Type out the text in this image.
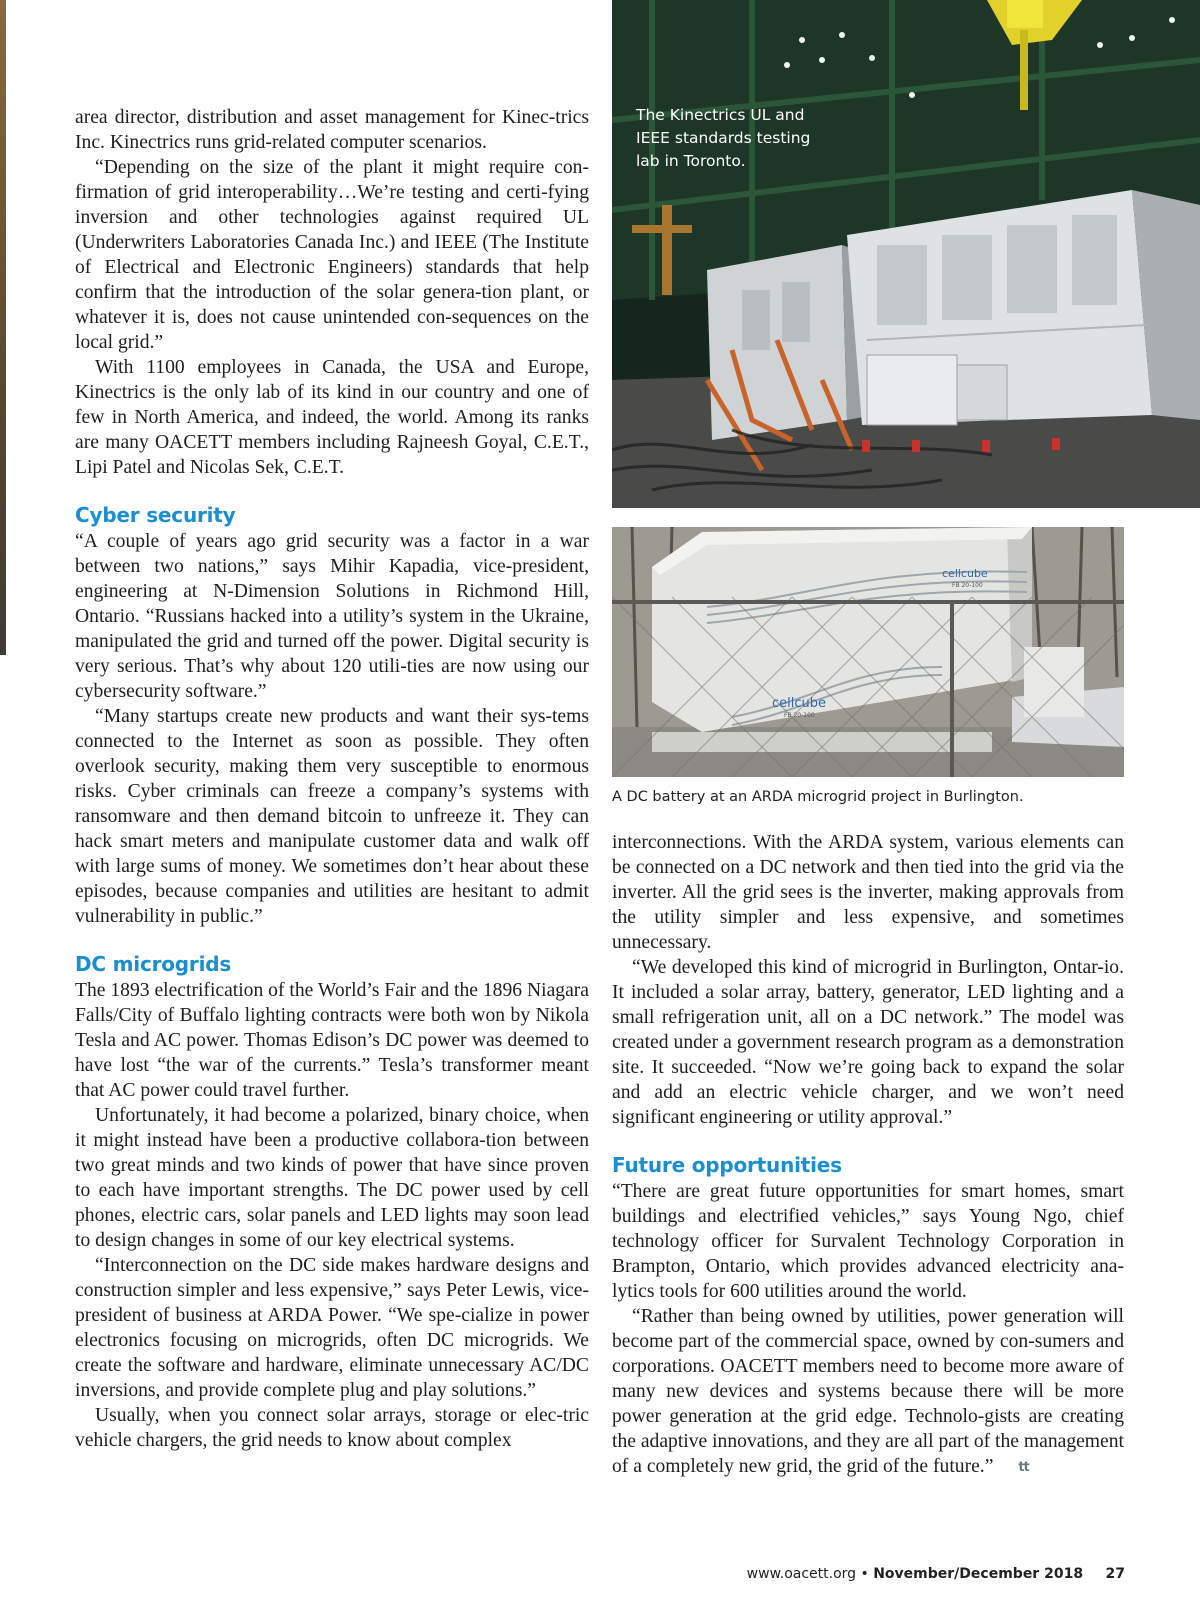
area director, distribution and asset management for Kinec-trics Inc. Kinectrics runs grid-related computer scenarios.

“Depending on the size of the plant it might require con-firmation of grid interoperability…We’re testing and certi-fying inversion and other technologies against required UL (Underwriters Laboratories Canada Inc.) and IEEE (The Institute of Electrical and Electronic Engineers) standards that help confirm that the introduction of the solar genera-tion plant, or whatever it is, does not cause unintended con-sequences on the local grid.”

With 1100 employees in Canada, the USA and Europe, Kinectrics is the only lab of its kind in our country and one of few in North America, and indeed, the world. Among its ranks are many OACETT members including Rajneesh Goyal, C.E.T., Lipi Patel and Nicolas Sek, C.E.T.

Cyber security

“A couple of years ago grid security was a factor in a war between two nations,” says Mihir Kapadia, vice-president, engineering at N-Dimension Solutions in Richmond Hill, Ontario. “Russians hacked into a utility’s system in the Ukraine, manipulated the grid and turned off the power. Digital security is very serious. That’s why about 120 utili-ties are now using our cybersecurity software.”

“Many startups create new products and want their sys-tems connected to the Internet as soon as possible. They often overlook security, making them very susceptible to enormous risks. Cyber criminals can freeze a company’s systems with ransomware and then demand bitcoin to unfreeze it. They can hack smart meters and manipulate customer data and walk off with large sums of money. We sometimes don’t hear about these episodes, because companies and utilities are hesitant to admit vulnerability in public.”

DC microgrids

The 1893 electrification of the World’s Fair and the 1896 Niagara Falls/City of Buffalo lighting contracts were both won by Nikola Tesla and AC power. Thomas Edison’s DC power was deemed to have lost “the war of the currents.” Tesla’s transformer meant that AC power could travel further.

Unfortunately, it had become a polarized, binary choice, when it might instead have been a productive collabora-tion between two great minds and two kinds of power that have since proven to each have important strengths. The DC power used by cell phones, electric cars, solar panels and LED lights may soon lead to design changes in some of our key electrical systems.

“Interconnection on the DC side makes hardware designs and construction simpler and less expensive,” says Peter Lewis, vice-president of business at ARDA Power. “We spe-cialize in power electronics focusing on microgrids, often DC microgrids. We create the software and hardware, eliminate unnecessary AC/DC inversions, and provide complete plug and play solutions.”

Usually, when you connect solar arrays, storage or elec-tric vehicle chargers, the grid needs to know about complex

The Kinectrics UL and IEEE standards testing lab in Toronto.
cellcube
FB 20-100
cellcube
FB 20-100
A DC battery at an ARDA microgrid project in Burlington.

interconnections. With the ARDA system, various elements can be connected on a DC network and then tied into the grid via the inverter. All the grid sees is the inverter, making approvals from the utility simpler and less expensive, and sometimes unnecessary.

“We developed this kind of microgrid in Burlington, Ontar-io. It included a solar array, battery, generator, LED lighting and a small refrigeration unit, all on a DC network.” The model was created under a government research program as a demonstration site. It succeeded. “Now we’re going back to expand the solar and add an electric vehicle charger, and we won’t need significant engineering or utility approval.”

Future opportunities

“There are great future opportunities for smart homes, smart buildings and electrified vehicles,” says Young Ngo, chief technology officer for Survalent Technology Corporation in Brampton, Ontario, which provides advanced electricity ana-lytics tools for 600 utilities around the world.

“Rather than being owned by utilities, power generation will become part of the commercial space, owned by con-sumers and corporations. OACETT members need to become more aware of many new devices and systems because there will be more power generation at the grid edge. Technolo-gists are creating the adaptive innovations, and they are all part of the management of a completely new grid, the grid of the future.” tt

www.oacett.org • November/December 2018 27
